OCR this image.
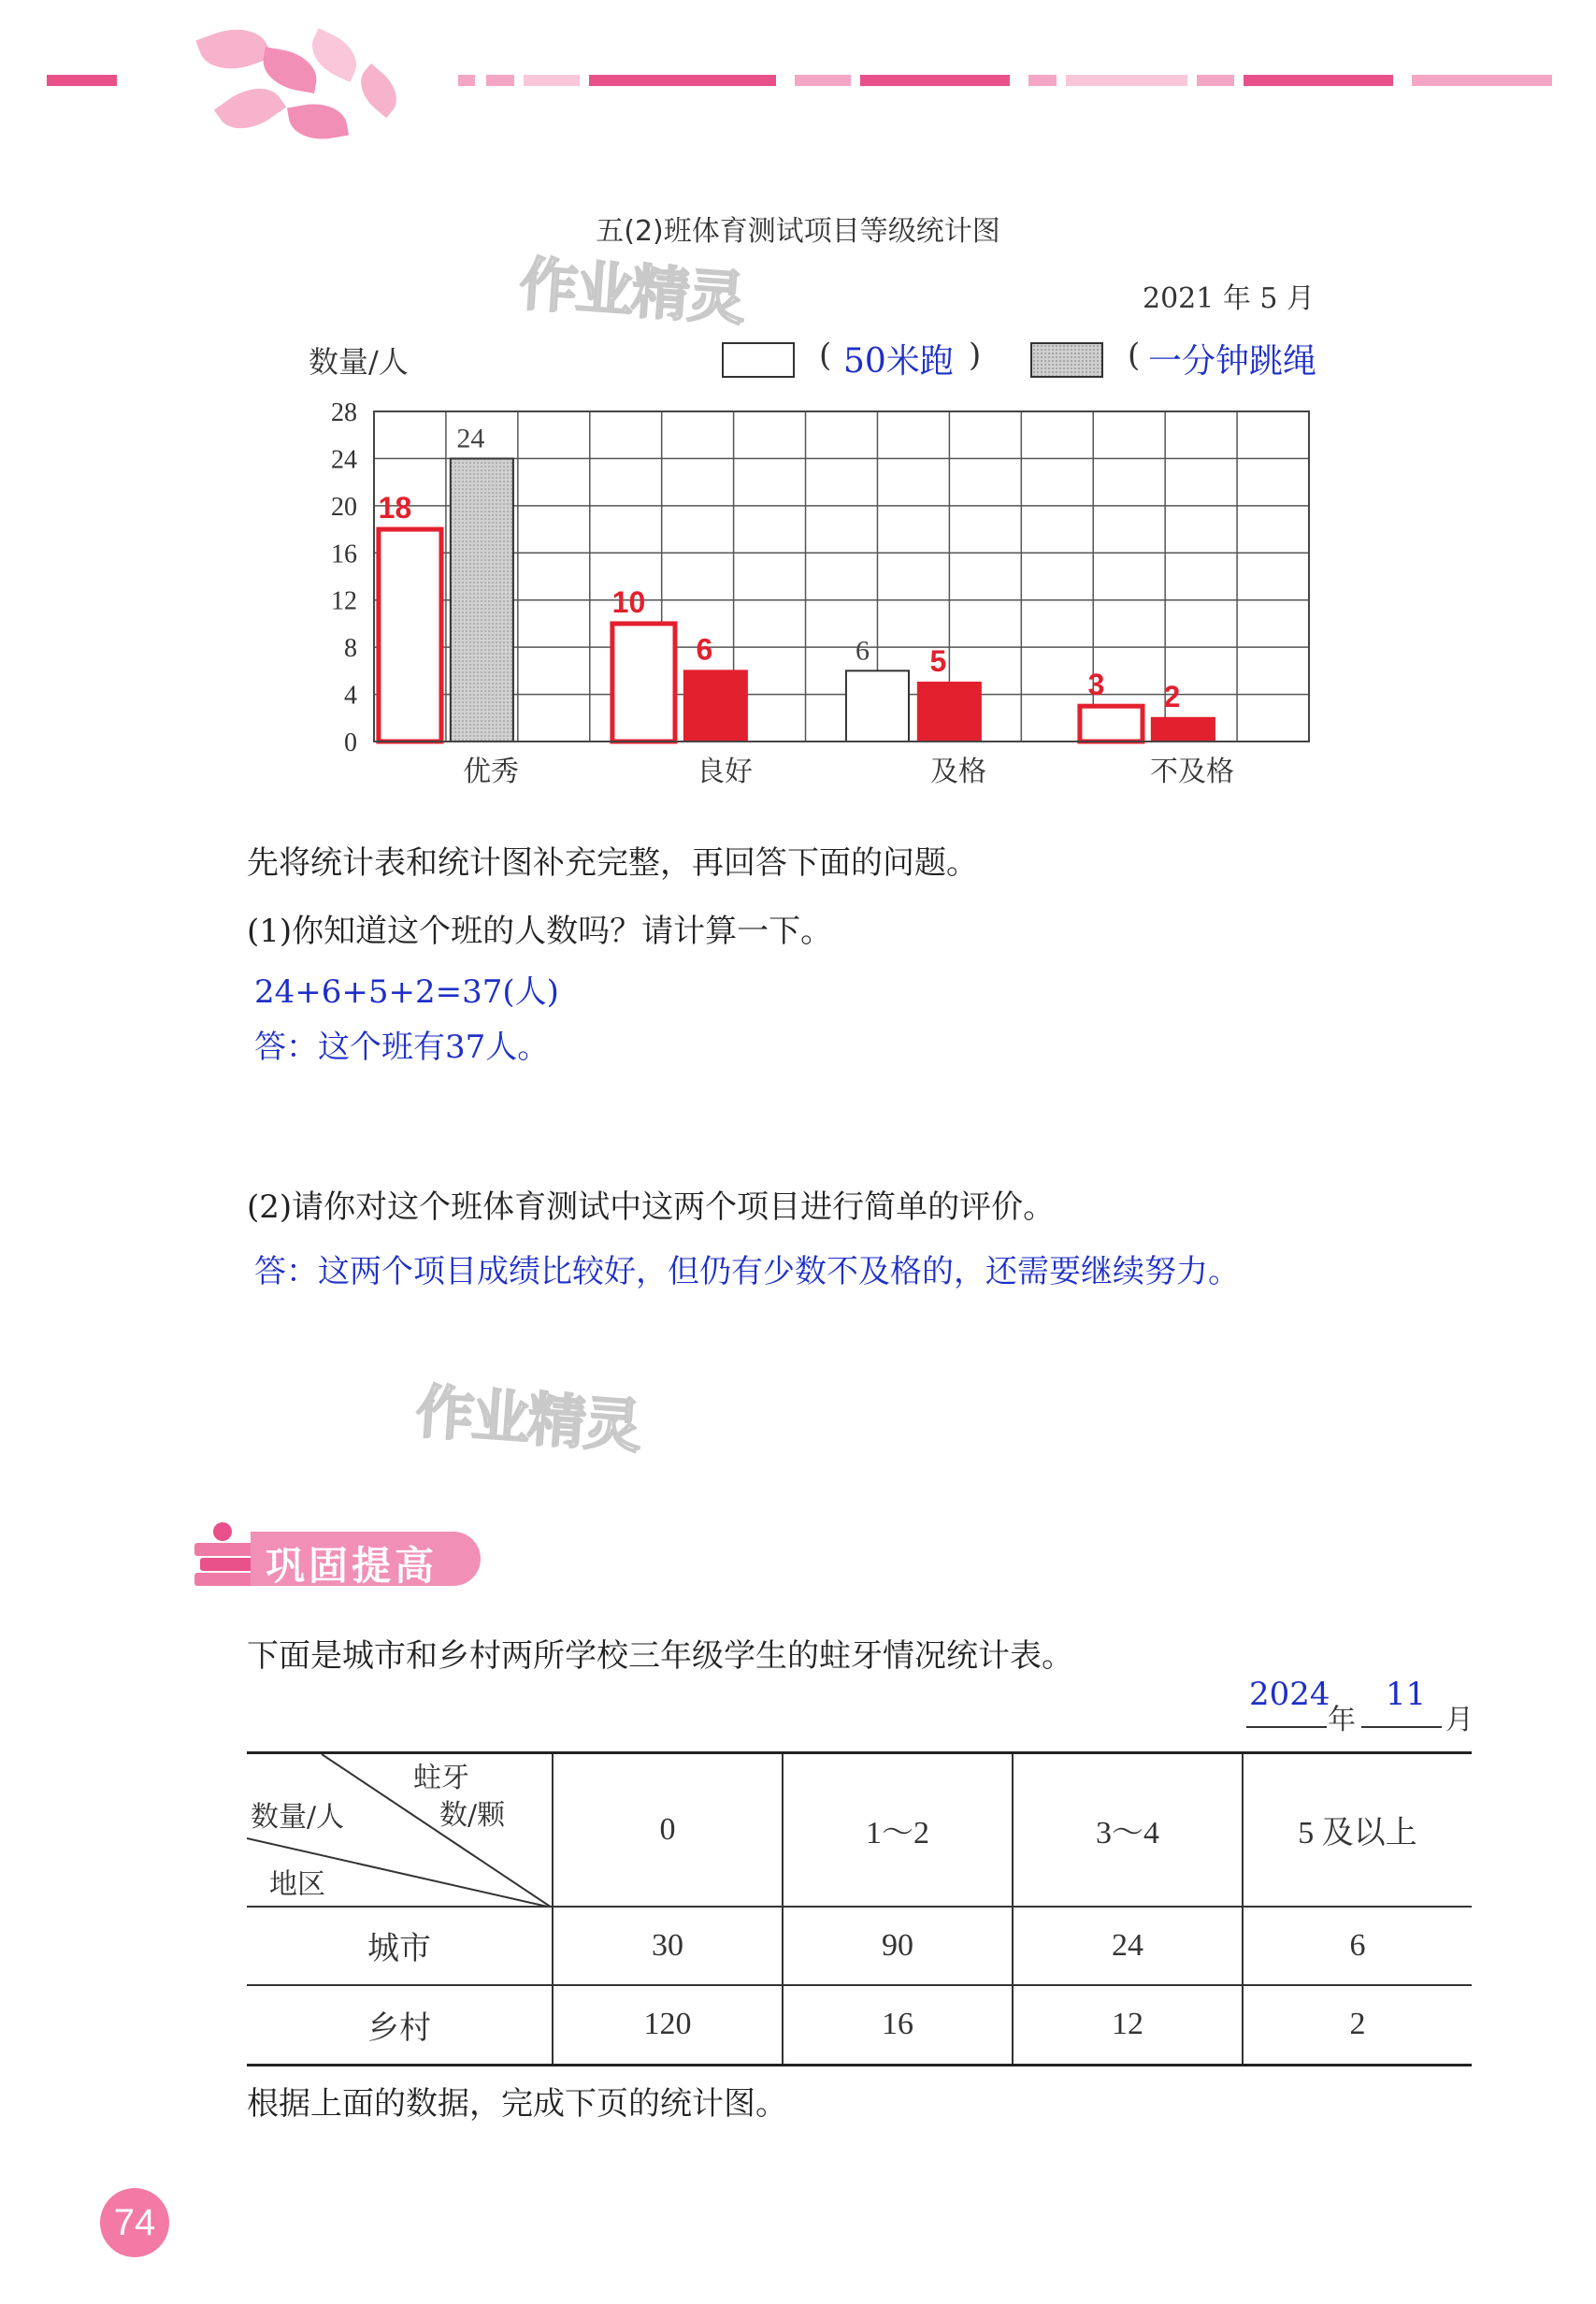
五(2)班体育测试项目等级统计图
2021 年 5 月
作业精灵
数量/人	( 50米跑 )	( 一分钟跳绳
0
4
8
12
16
20
24
28
优秀
18
24
良好
10
6
及格
6 5
不及格
3 2
先将统计表和统计图补充完整，再回答下面的问题。
(1)你知道这个班的人数吗？请计算一下。
24+6+5+2=37(人)
答：这个班有37人。
(2)请你对这个班体育测试中这两个项目进行简单的评价。
答：这两个项目成绩比较好，但仍有少数不及格的，还需要继续努力。
作业精灵
巩固提高
下面是城市和乡村两所学校三年级学生的蛀牙情况统计表。
2024
年
11
月
蛀牙
数/颗
数量/人
地区	0	1～2	3～4	5 及以上
城市	30	90	24	6
乡村	120	16	12	2
根据上面的数据，完成下页的统计图。
74
